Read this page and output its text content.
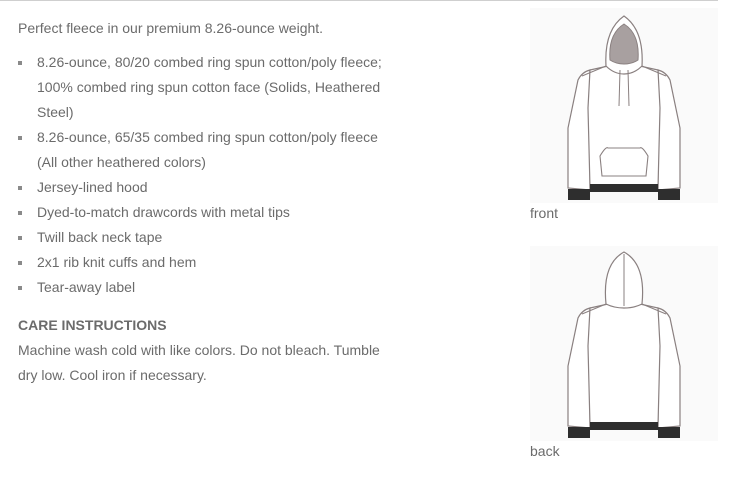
Perfect fleece in our premium 8.26-ounce weight.

8.26-ounce, 80/20 combed ring spun cotton/poly fleece; 100% combed ring spun cotton face (Solids, Heathered Steel)
8.26-ounce, 65/35 combed ring spun cotton/poly fleece (All other heathered colors)
Jersey-lined hood
Dyed-to-match drawcords with metal tips
Twill back neck tape
2x1 rib knit cuffs and hem
Tear-away label
CARE INSTRUCTIONS

Machine wash cold with like colors. Do not bleach. Tumble dry low. Cool iron if necessary.

front
back
